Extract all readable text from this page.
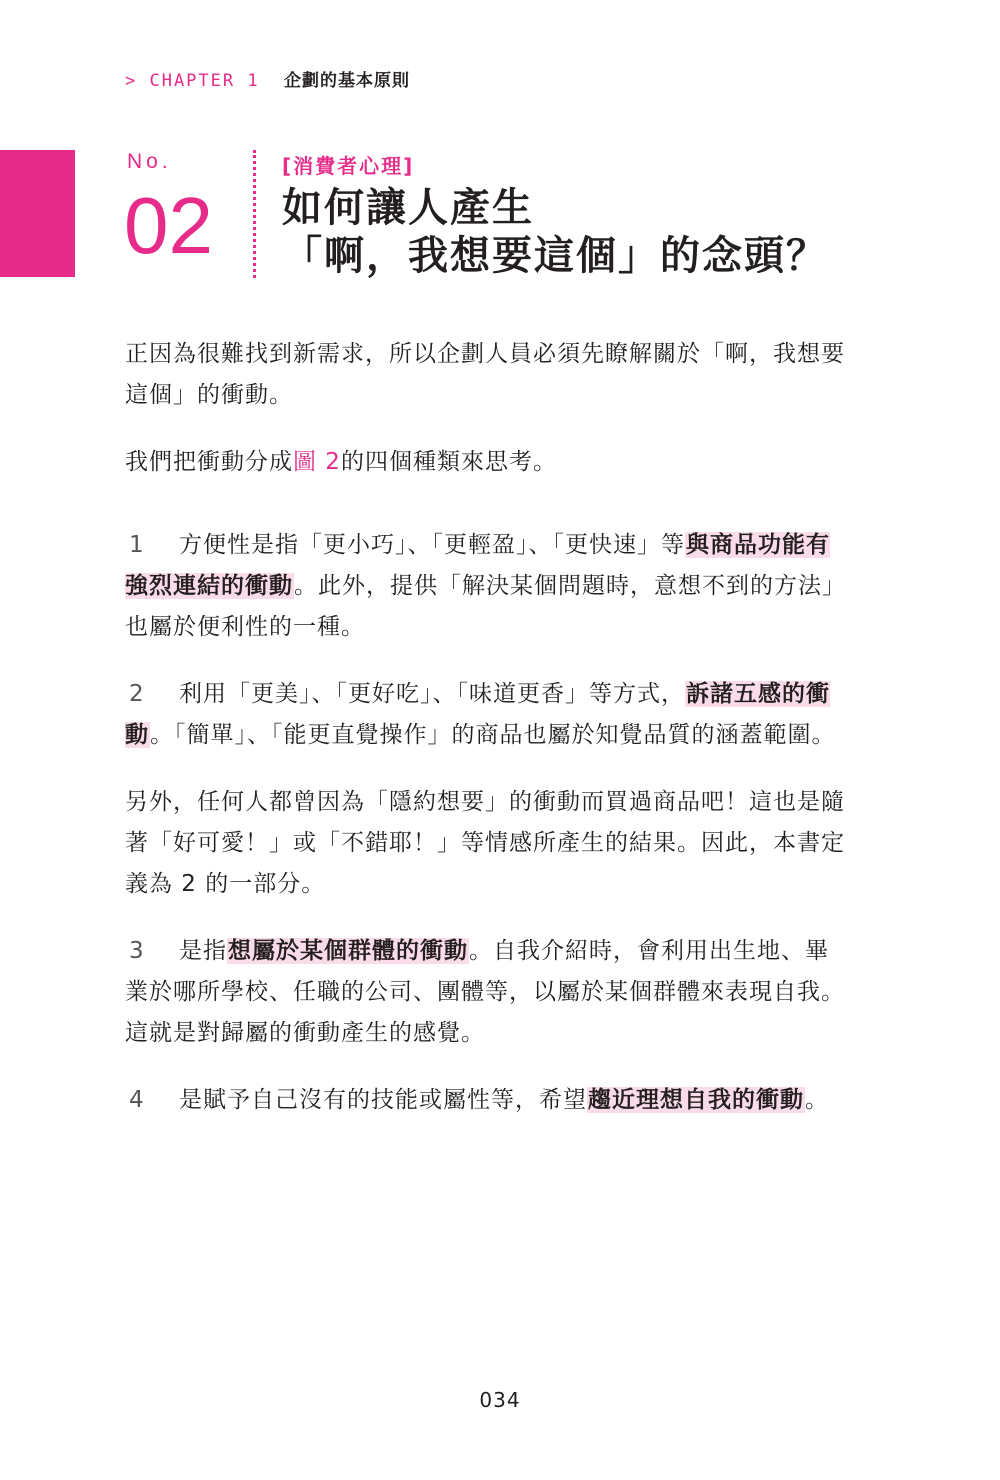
> CHAPTER 1 企劃的基本原則
No.
02
[消費者心理]
如何讓人產生
「啊，我想要這個」的念頭？

正因為很難找到新需求，所以企劃人員必須先瞭解關於「啊，我想要這個」的衝動。

我們把衝動分成圖 2的四個種類來思考。

1 方便性是指「更小巧」、「更輕盈」、「更快速」等與商品功能有強烈連結的衝動。此外，提供「解決某個問題時，意想不到的方法」也屬於便利性的一種。

2 利用「更美」、「更好吃」、「味道更香」等方式，訴諸五感的衝動。「簡單」、「能更直覺操作」的商品也屬於知覺品質的涵蓋範圍。

另外，任何人都曾因為「隱約想要」的衝動而買過商品吧！這也是隨著「好可愛！」或「不錯耶！」等情感所產生的結果。因此，本書定義為 2 的一部分。

3 是指想屬於某個群體的衝動。自我介紹時，會利用出生地、畢業於哪所學校、任職的公司、團體等，以屬於某個群體來表現自我。這就是對歸屬的衝動產生的感覺。

4 是賦予自己沒有的技能或屬性等，希望趨近理想自我的衝動。

034
